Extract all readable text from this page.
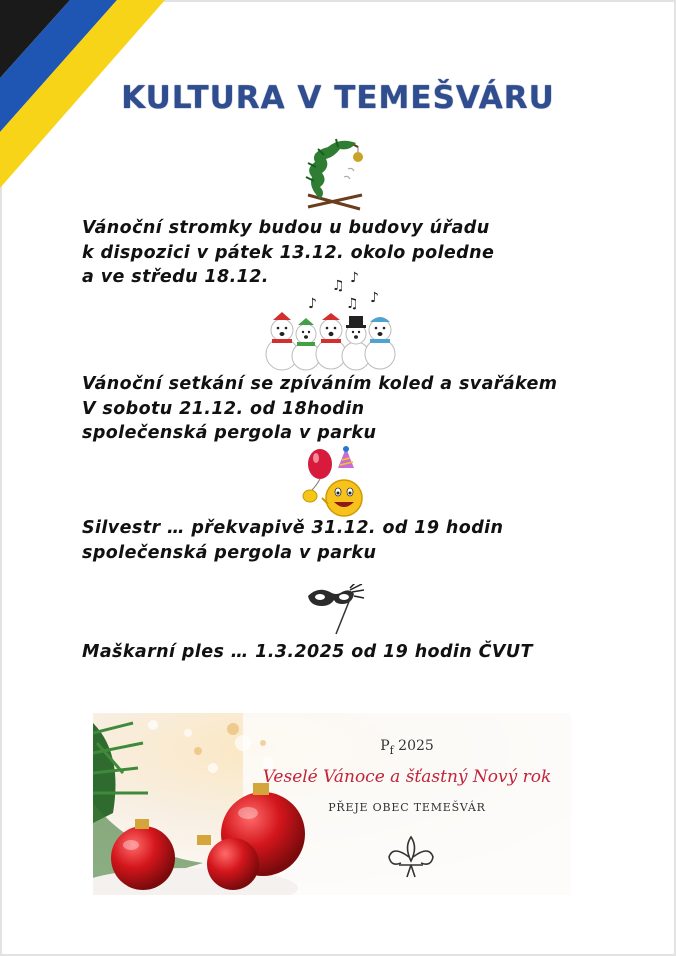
KULTURA V TEMEŠVÁRU
Vánoční stromky budou u budovy úřadu
k dispozici v pátek 13.12. okolo poledne
a ve středu 18.12.
♪
♫ ♪
♪
♫
Vánoční setkání se zpíváním koled a svařákem
V sobotu 21.12. od 18hodin
společenská pergola v parku
Silvestr … překvapivě 31.12. od 19 hodin
společenská pergola v parku
Maškarní ples … 1.3.2025 od 19 hodin ČVUT
$P_f$ 2025
Veselé Vánoce a šťastný Nový rok
PŘEJE OBEC TEMEŠVÁR
